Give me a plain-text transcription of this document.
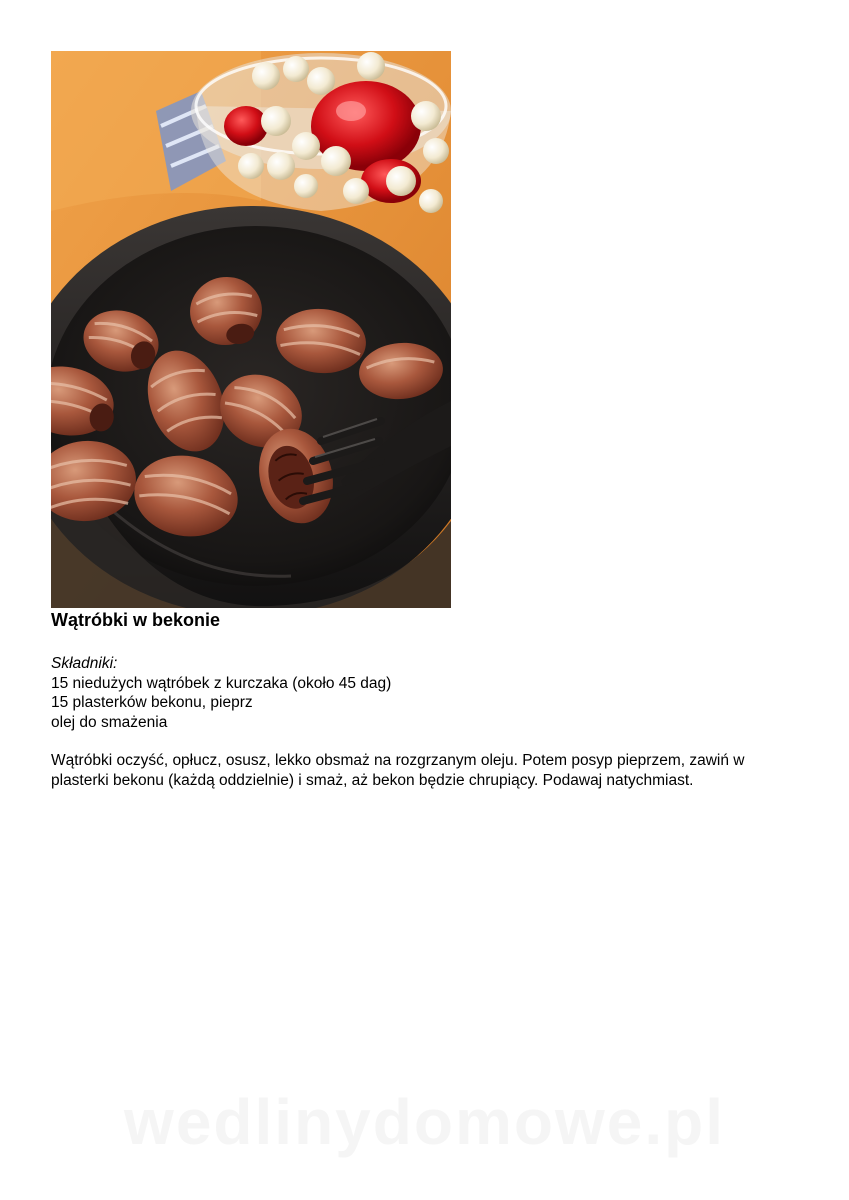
Wątróbki w bekonie
Składniki:
15 niedużych wątróbek z kurczaka (około 45 dag)
15 plasterków bekonu, pieprz
olej do smażenia

Wątróbki oczyść, opłucz, osusz, lekko obsmaż na rozgrzanym oleju. Potem posyp pieprzem, zawiń w plasterki bekonu (każdą oddzielnie) i smaż, aż bekon będzie chrupiący. Podawaj natychmiast.

wedlinydomowe.pl
